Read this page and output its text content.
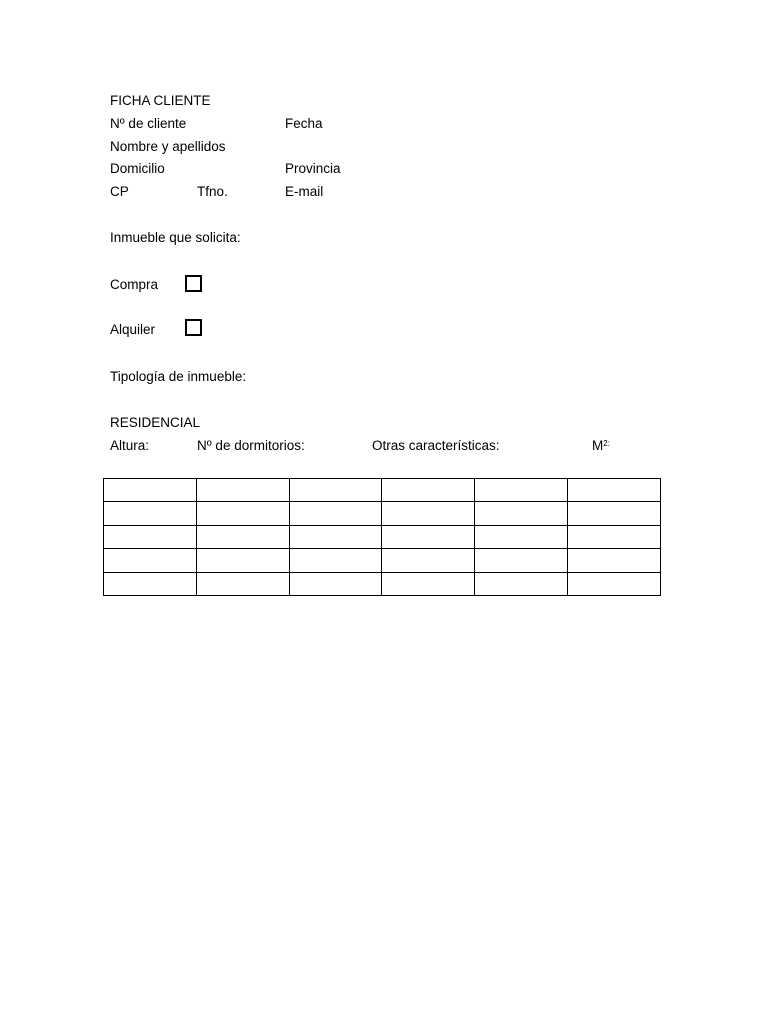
FICHA CLIENTE
Nº de cliente	Fecha
Nombre y apellidos
Domicilio	Provincia
CP	Tfno.	E-mail
Inmueble que solicita:
Compra
Alquiler
Tipología de inmueble:
RESIDENCIAL
Altura:	Nº de dormitorios:	Otras características:	$M^{2:}$
